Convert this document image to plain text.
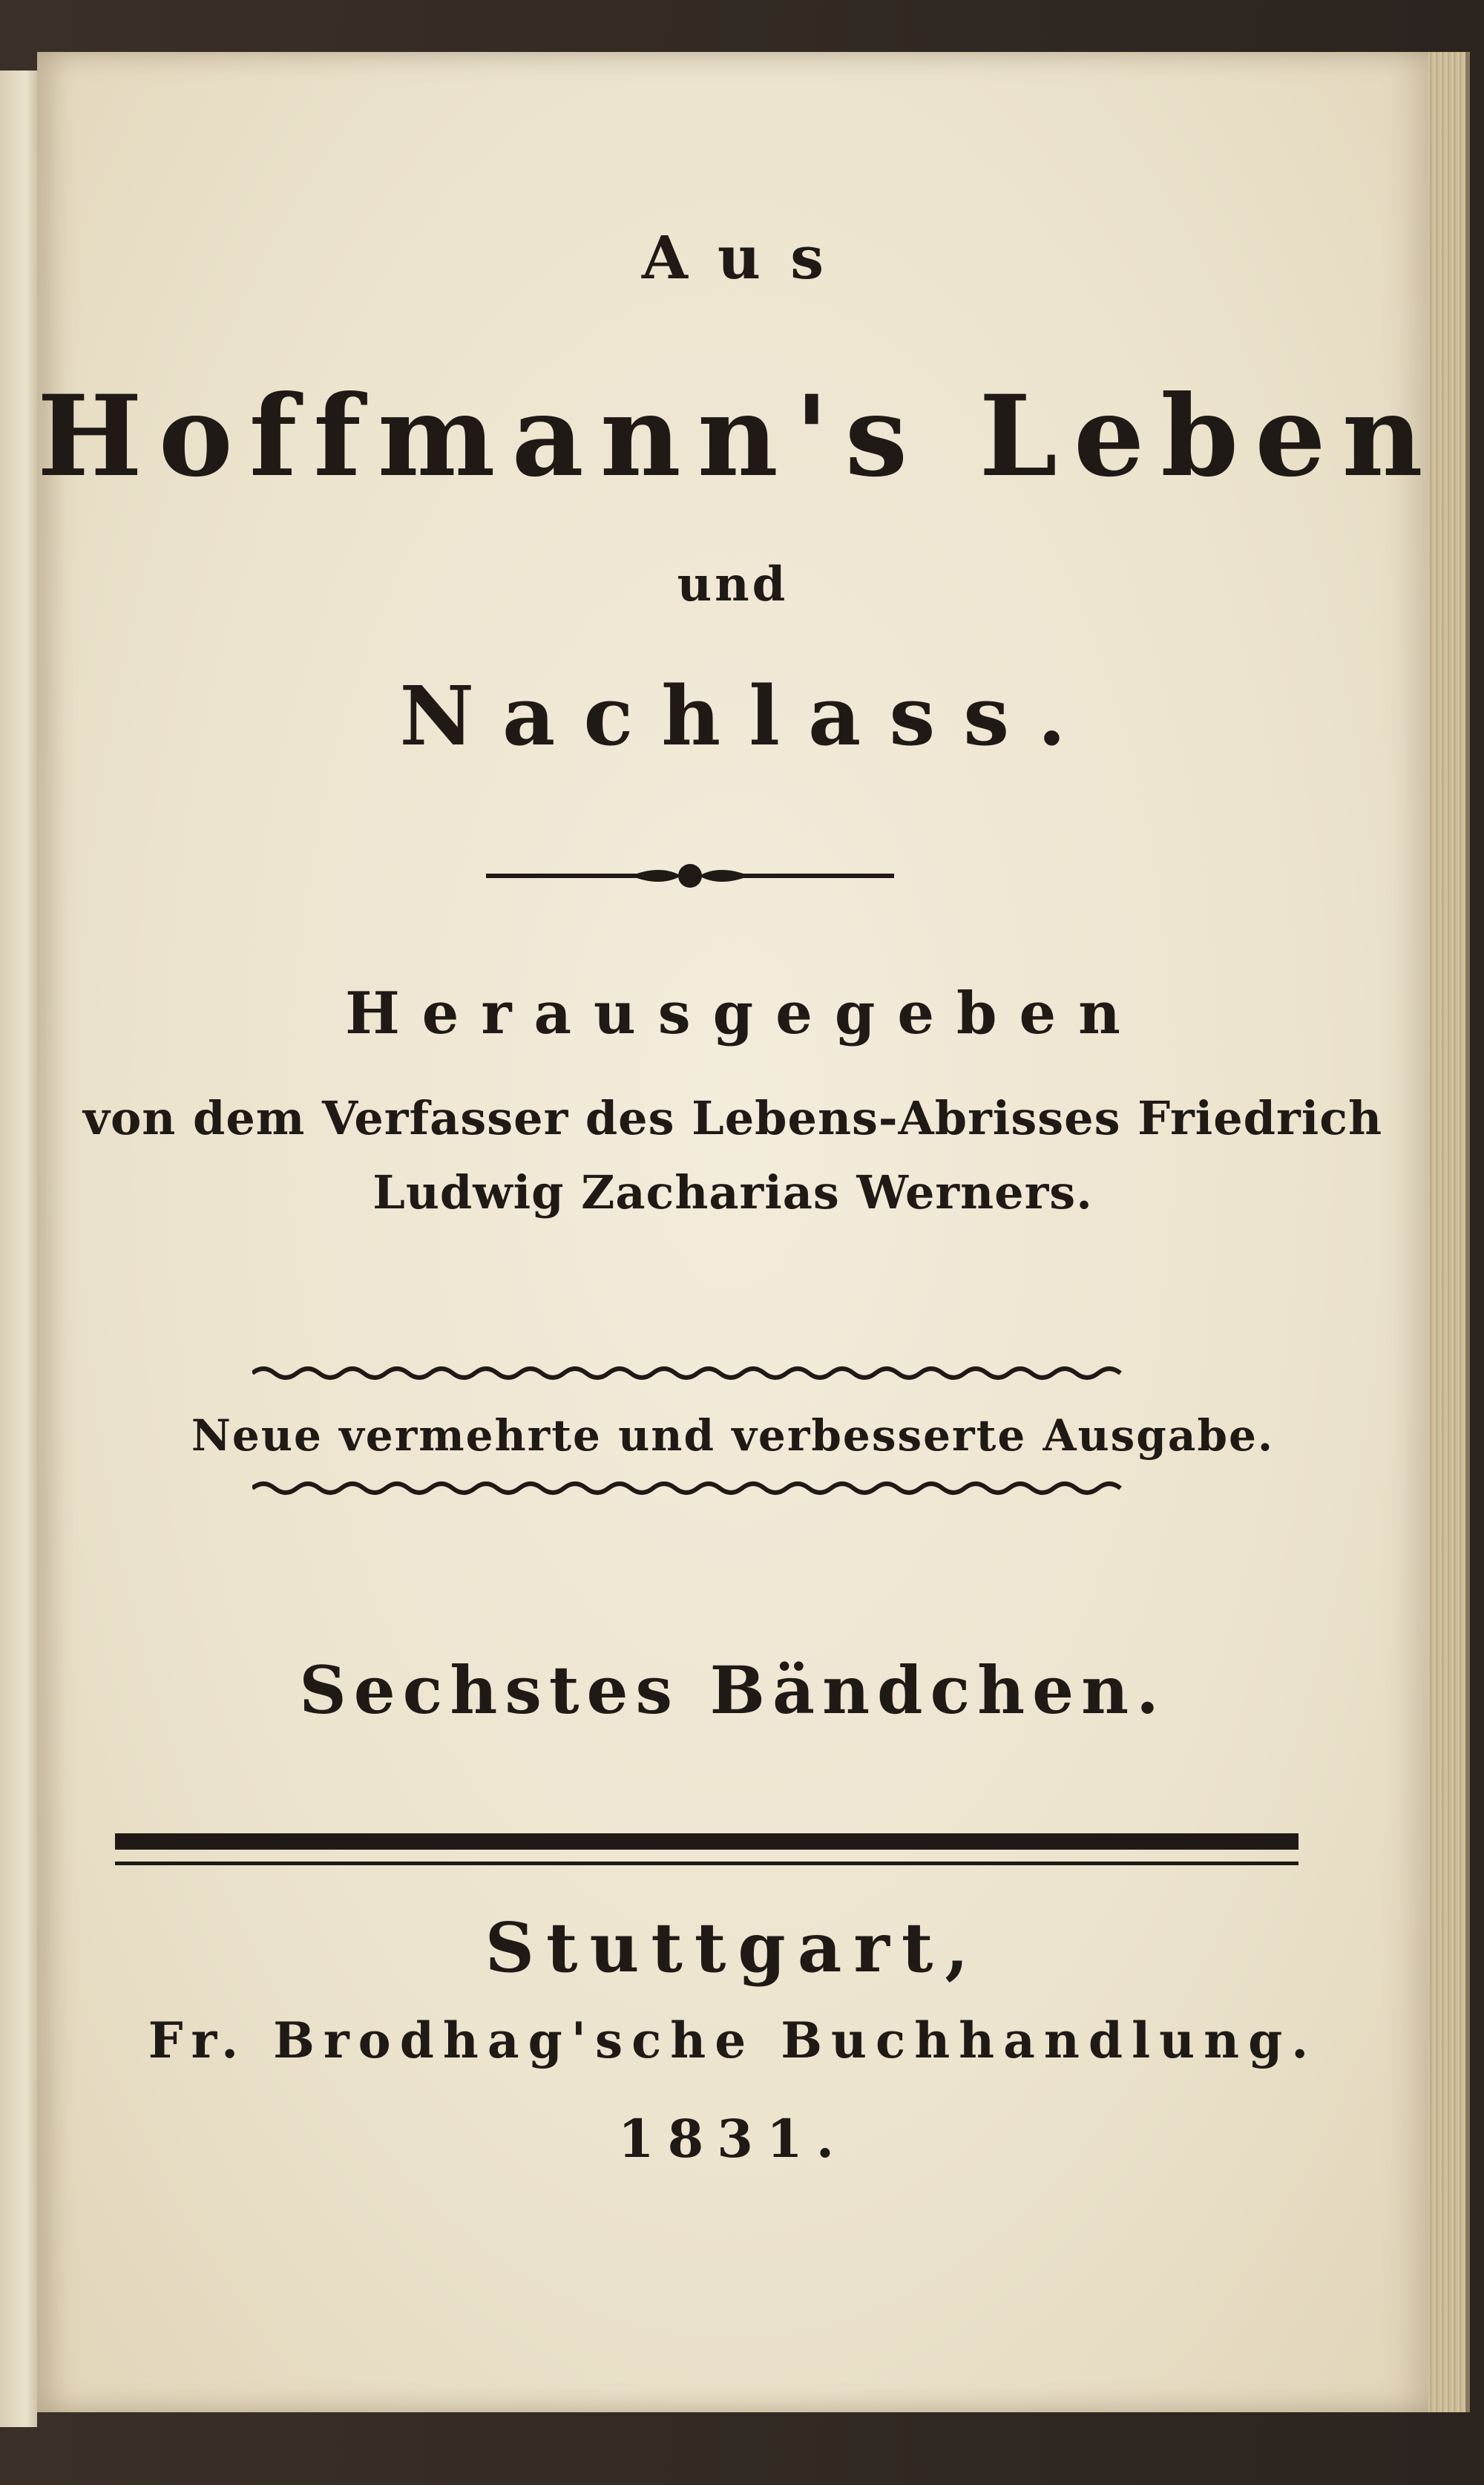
Aus
Hoffmann's Leben
und
Nachlass.
Herausgegeben
von dem Verfasser des Lebens-Abrisses Friedrich
Ludwig Zacharias Werners.
Neue vermehrte und verbesserte Ausgabe.
Sechstes Bändchen.
Stuttgart,
Fr. Brodhag'sche Buchhandlung.
1831.
